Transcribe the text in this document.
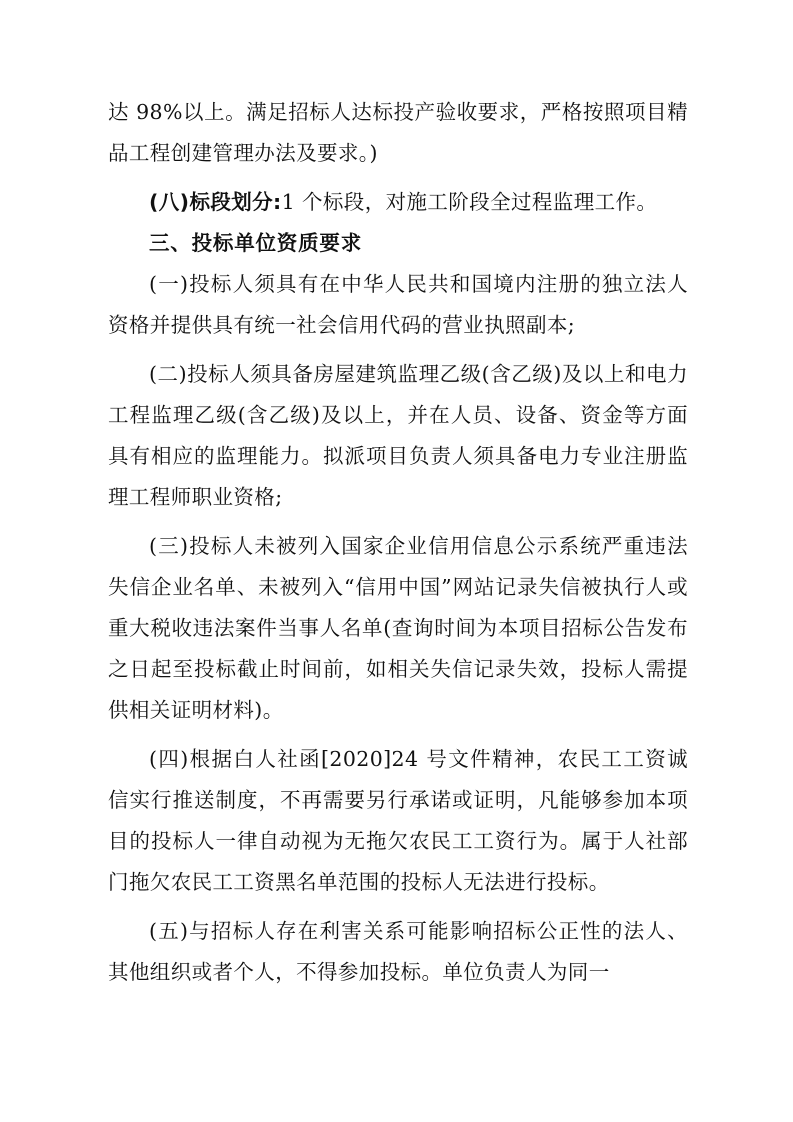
达 98%以上。满足招标人达标投产验收要求，严格按照项目精品工程创建管理办法及要求。)

(八)标段划分:1 个标段，对施工阶段全过程监理工作。

三、投标单位资质要求

(一)投标人须具有在中华人民共和国境内注册的独立法人资格并提供具有统一社会信用代码的营业执照副本;

(二)投标人须具备房屋建筑监理乙级(含乙级)及以上和电力工程监理乙级(含乙级)及以上，并在人员、设备、资金等方面具有相应的监理能力。拟派项目负责人须具备电力专业注册监理工程师职业资格;

(三)投标人未被列入国家企业信用信息公示系统严重违法失信企业名单、未被列入“信用中国”网站记录失信被执行人或重大税收违法案件当事人名单(查询时间为本项目招标公告发布之日起至投标截止时间前，如相关失信记录失效，投标人需提供相关证明材料)。

(四)根据白人社函[2020]24 号文件精神，农民工工资诚信实行推送制度，不再需要另行承诺或证明，凡能够参加本项目的投标人一律自动视为无拖欠农民工工资行为。属于人社部门拖欠农民工工资黑名单范围的投标人无法进行投标。

(五)与招标人存在利害关系可能影响招标公正性的法人、其他组织或者个人，不得参加投标。单位负责人为同一
